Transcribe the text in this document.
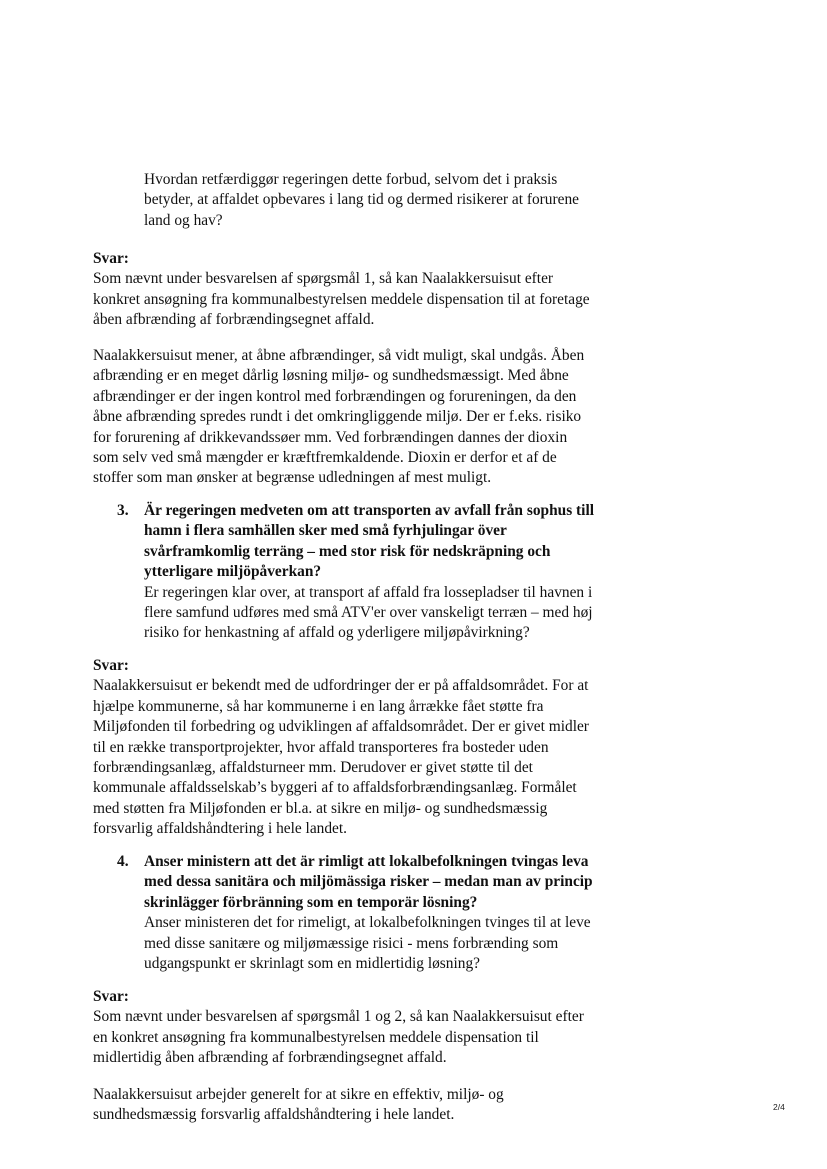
Hvordan retfærdiggør regeringen dette forbud, selvom det i praksis

betyder, at affaldet opbevares i lang tid og dermed risikerer at forurene

land og hav?

Svar:

Som nævnt under besvarelsen af spørgsmål 1, så kan Naalakkersuisut efter

konkret ansøgning fra kommunalbestyrelsen meddele dispensation til at foretage

åben afbrænding af forbrændingsegnet affald.

Naalakkersuisut mener, at åbne afbrændinger, så vidt muligt, skal undgås. Åben

afbrænding er en meget dårlig løsning miljø- og sundhedsmæssigt. Med åbne

afbrændinger er der ingen kontrol med forbrændingen og forureningen, da den

åbne afbrænding spredes rundt i det omkringliggende miljø. Der er f.eks. risiko

for forurening af drikkevandssøer mm. Ved forbrændingen dannes der dioxin

som selv ved små mængder er kræftfremkaldende. Dioxin er derfor et af de

stoffer som man ønsker at begrænse udledningen af mest muligt.

3. Är regeringen medveten om att transporten av avfall från sophus till

hamn i flera samhällen sker med små fyrhjulingar över

svårframkomlig terräng – med stor risk för nedskräpning och

ytterligare miljöpåverkan?

Er regeringen klar over, at transport af affald fra lossepladser til havnen i

flere samfund udføres med små ATV'er over vanskeligt terræn – med høj

risiko for henkastning af affald og yderligere miljøpåvirkning?

Svar:

Naalakkersuisut er bekendt med de udfordringer der er på affaldsområdet. For at

hjælpe kommunerne, så har kommunerne i en lang årrække fået støtte fra

Miljøfonden til forbedring og udviklingen af affaldsområdet. Der er givet midler

til en række transportprojekter, hvor affald transporteres fra bosteder uden

forbrændingsanlæg, affaldsturneer mm. Derudover er givet støtte til det

kommunale affaldsselskab’s byggeri af to affaldsforbrændingsanlæg. Formålet

med støtten fra Miljøfonden er bl.a. at sikre en miljø- og sundhedsmæssig

forsvarlig affaldshåndtering i hele landet.

4. Anser ministern att det är rimligt att lokalbefolkningen tvingas leva

med dessa sanitära och miljömässiga risker – medan man av princip

skrinlägger förbränning som en temporär lösning?

Anser ministeren det for rimeligt, at lokalbefolkningen tvinges til at leve

med disse sanitære og miljømæssige risici - mens forbrænding som

udgangspunkt er skrinlagt som en midlertidig løsning?

Svar:

Som nævnt under besvarelsen af spørgsmål 1 og 2, så kan Naalakkersuisut efter

en konkret ansøgning fra kommunalbestyrelsen meddele dispensation til

midlertidig åben afbrænding af forbrændingsegnet affald.

Naalakkersuisut arbejder generelt for at sikre en effektiv, miljø- og

sundhedsmæssig forsvarlig affaldshåndtering i hele landet.	2/4
